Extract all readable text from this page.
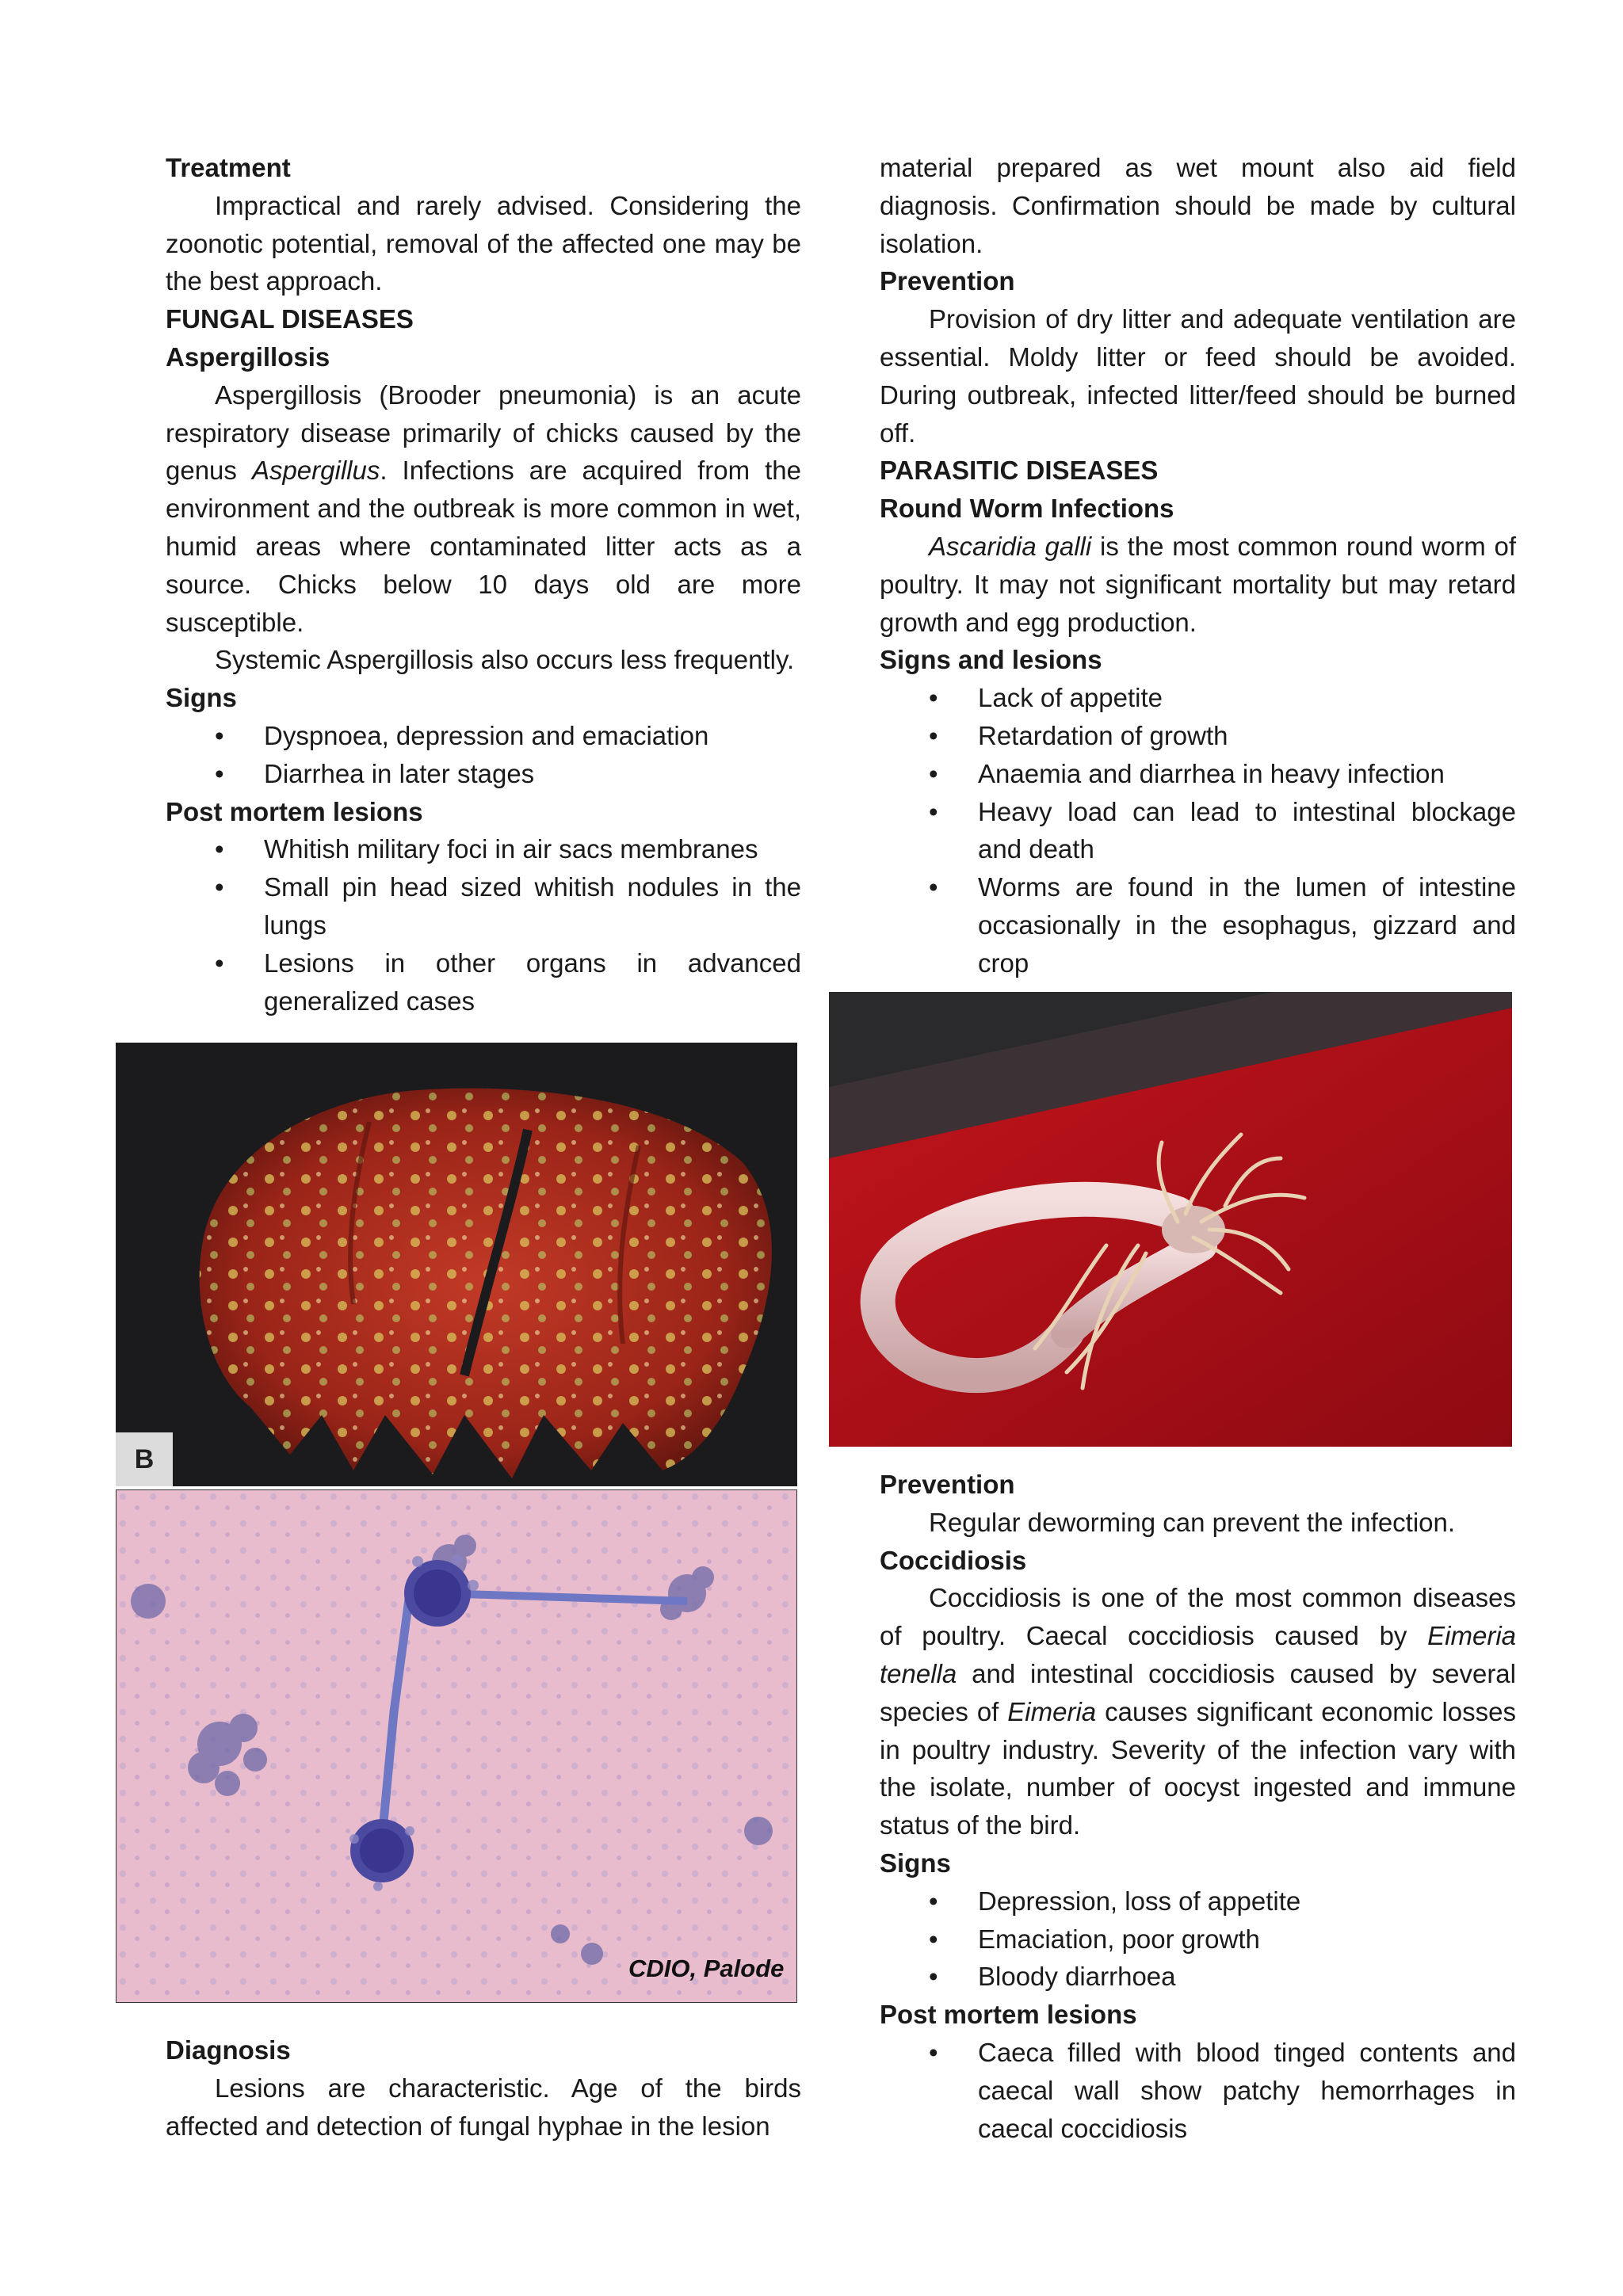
Treatment

Impractical and rarely advised. Considering the zoonotic potential, removal of the affected one may be the best approach.

FUNGAL DISEASES
Aspergillosis

Aspergillosis (Brooder pneumonia) is an acute respiratory disease primarily of chicks caused by the genus Aspergillus. Infections are acquired from the environment and the outbreak is more common in wet, humid areas where contaminated litter acts as a source. Chicks below 10 days old are more susceptible.

Systemic Aspergillosis also occurs less frequently.

Signs
• Dyspnoea, depression and emaciation
• Diarrhea in later stages
Post mortem lesions
• Whitish military foci in air sacs membranes
• Small pin head sized whitish nodules in the lungs
• Lesions in other organs in advanced generalized cases
B
CDIO, Palode
Diagnosis

Lesions are characteristic. Age of the birds affected and detection of fungal hyphae in the lesion

material prepared as wet mount also aid field diagnosis. Confirmation should be made by cultural isolation.

Prevention

Provision of dry litter and adequate ventilation are essential. Moldy litter or feed should be avoided. During outbreak, infected litter/feed should be burned off.

PARASITIC DISEASES
Round Worm Infections

Ascaridia galli is the most common round worm of poultry. It may not significant mortality but may retard growth and egg production.

Signs and lesions
• Lack of appetite
• Retardation of growth
• Anaemia and diarrhea in heavy infection
• Heavy load can lead to intestinal blockage and death
• Worms are found in the lumen of intestine occasionally in the esophagus, gizzard and crop
Prevention

Regular deworming can prevent the infection.

Coccidiosis

Coccidiosis is one of the most common diseases of poultry. Caecal coccidiosis caused by Eimeria tenella and intestinal coccidiosis caused by several species of Eimeria causes significant economic losses in poultry industry. Severity of the infection vary with the isolate, number of oocyst ingested and immune status of the bird.

Signs
• Depression, loss of appetite
• Emaciation, poor growth
• Bloody diarrhoea
Post mortem lesions
• Caeca filled with blood tinged contents and caecal wall show patchy hemorrhages in caecal coccidiosis
